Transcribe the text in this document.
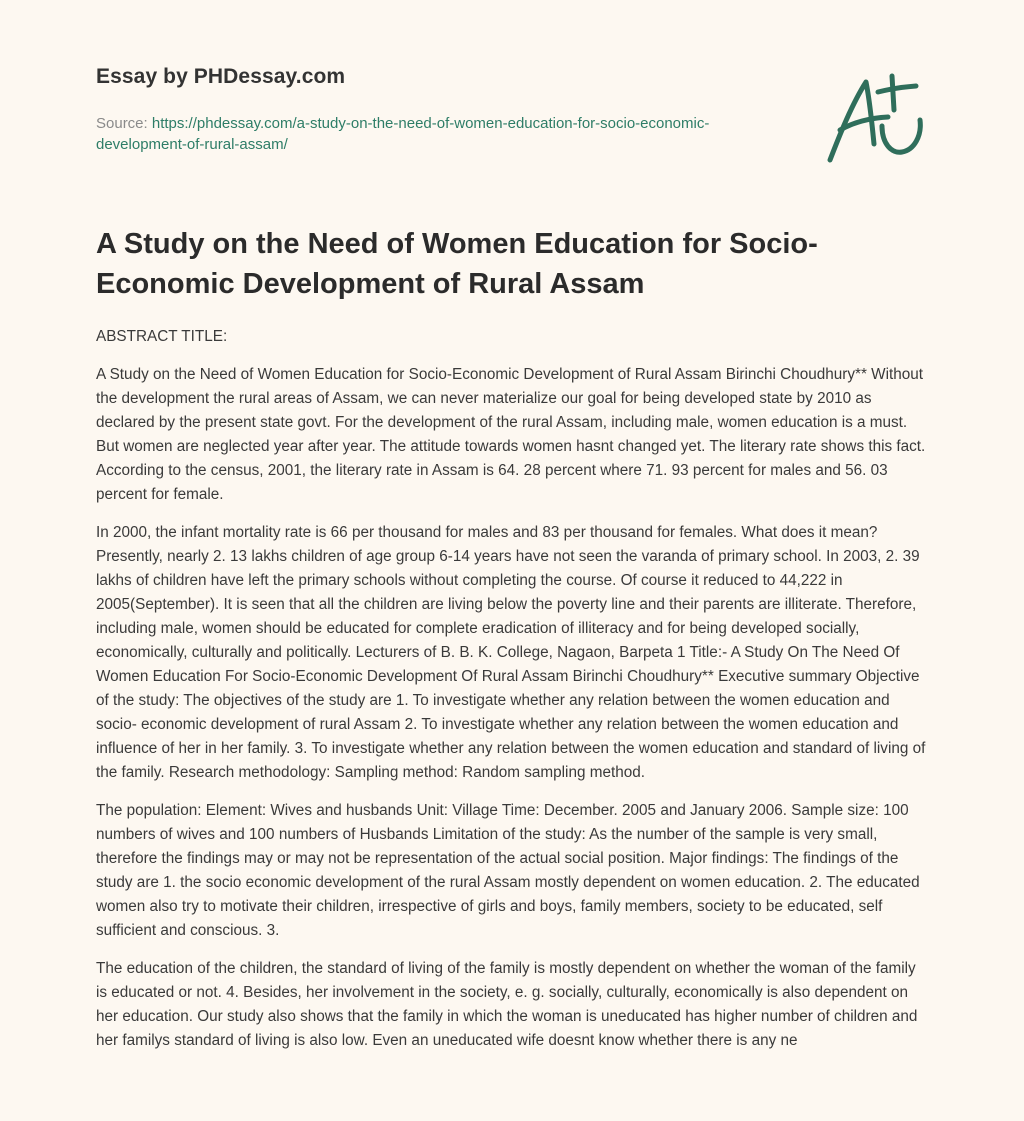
Essay by PHDessay.com
Source: https://phdessay.com/a-study-on-the-need-of-women-education-for-socio-economic-development-of-rural-assam/
A Study on the Need of Women Education for Socio-Economic Development of Rural Assam

ABSTRACT TITLE:

A Study on the Need of Women Education for Socio-Economic Development of Rural Assam Birinchi Choudhury** Without the development the rural areas of Assam, we can never materialize our goal for being developed state by 2010 as declared by the present state govt. For the development of the rural Assam, including male, women education is a must. But women are neglected year after year. The attitude towards women hasnt changed yet. The literary rate shows this fact. According to the census, 2001, the literary rate in Assam is 64. 28 percent where 71. 93 percent for males and 56. 03 percent for female.

In 2000, the infant mortality rate is 66 per thousand for males and 83 per thousand for females. What does it mean? Presently, nearly 2. 13 lakhs children of age group 6-14 years have not seen the varanda of primary school. In 2003, 2. 39 lakhs of children have left the primary schools without completing the course. Of course it reduced to 44,222 in 2005(September). It is seen that all the children are living below the poverty line and their parents are illiterate. Therefore, including male, women should be educated for complete eradication of illiteracy and for being developed socially, economically, culturally and politically. Lecturers of B. B. K. College, Nagaon, Barpeta 1 Title:- A Study On The Need Of Women Education For Socio-Economic Development Of Rural Assam Birinchi Choudhury** Executive summary Objective of the study: The objectives of the study are 1. To investigate whether any relation between the women education and socio- economic development of rural Assam 2. To investigate whether any relation between the women education and influence of her in her family. 3. To investigate whether any relation between the women education and standard of living of the family. Research methodology: Sampling method: Random sampling method.

The population: Element: Wives and husbands Unit: Village Time: December. 2005 and January 2006. Sample size: 100 numbers of wives and 100 numbers of Husbands Limitation of the study: As the number of the sample is very small, therefore the findings may or may not be representation of the actual social position. Major findings: The findings of the study are 1. the socio economic development of the rural Assam mostly dependent on women education. 2. The educated women also try to motivate their children, irrespective of girls and boys, family members, society to be educated, self sufficient and conscious. 3.

The education of the children, the standard of living of the family is mostly dependent on whether the woman of the family is educated or not. 4. Besides, her involvement in the society, e. g. socially, culturally, economically is also dependent on her education. Our study also shows that the family in which the woman is uneducated has higher number of children and her familys standard of living is also low. Even an uneducated wife doesnt know whether there is any ne
